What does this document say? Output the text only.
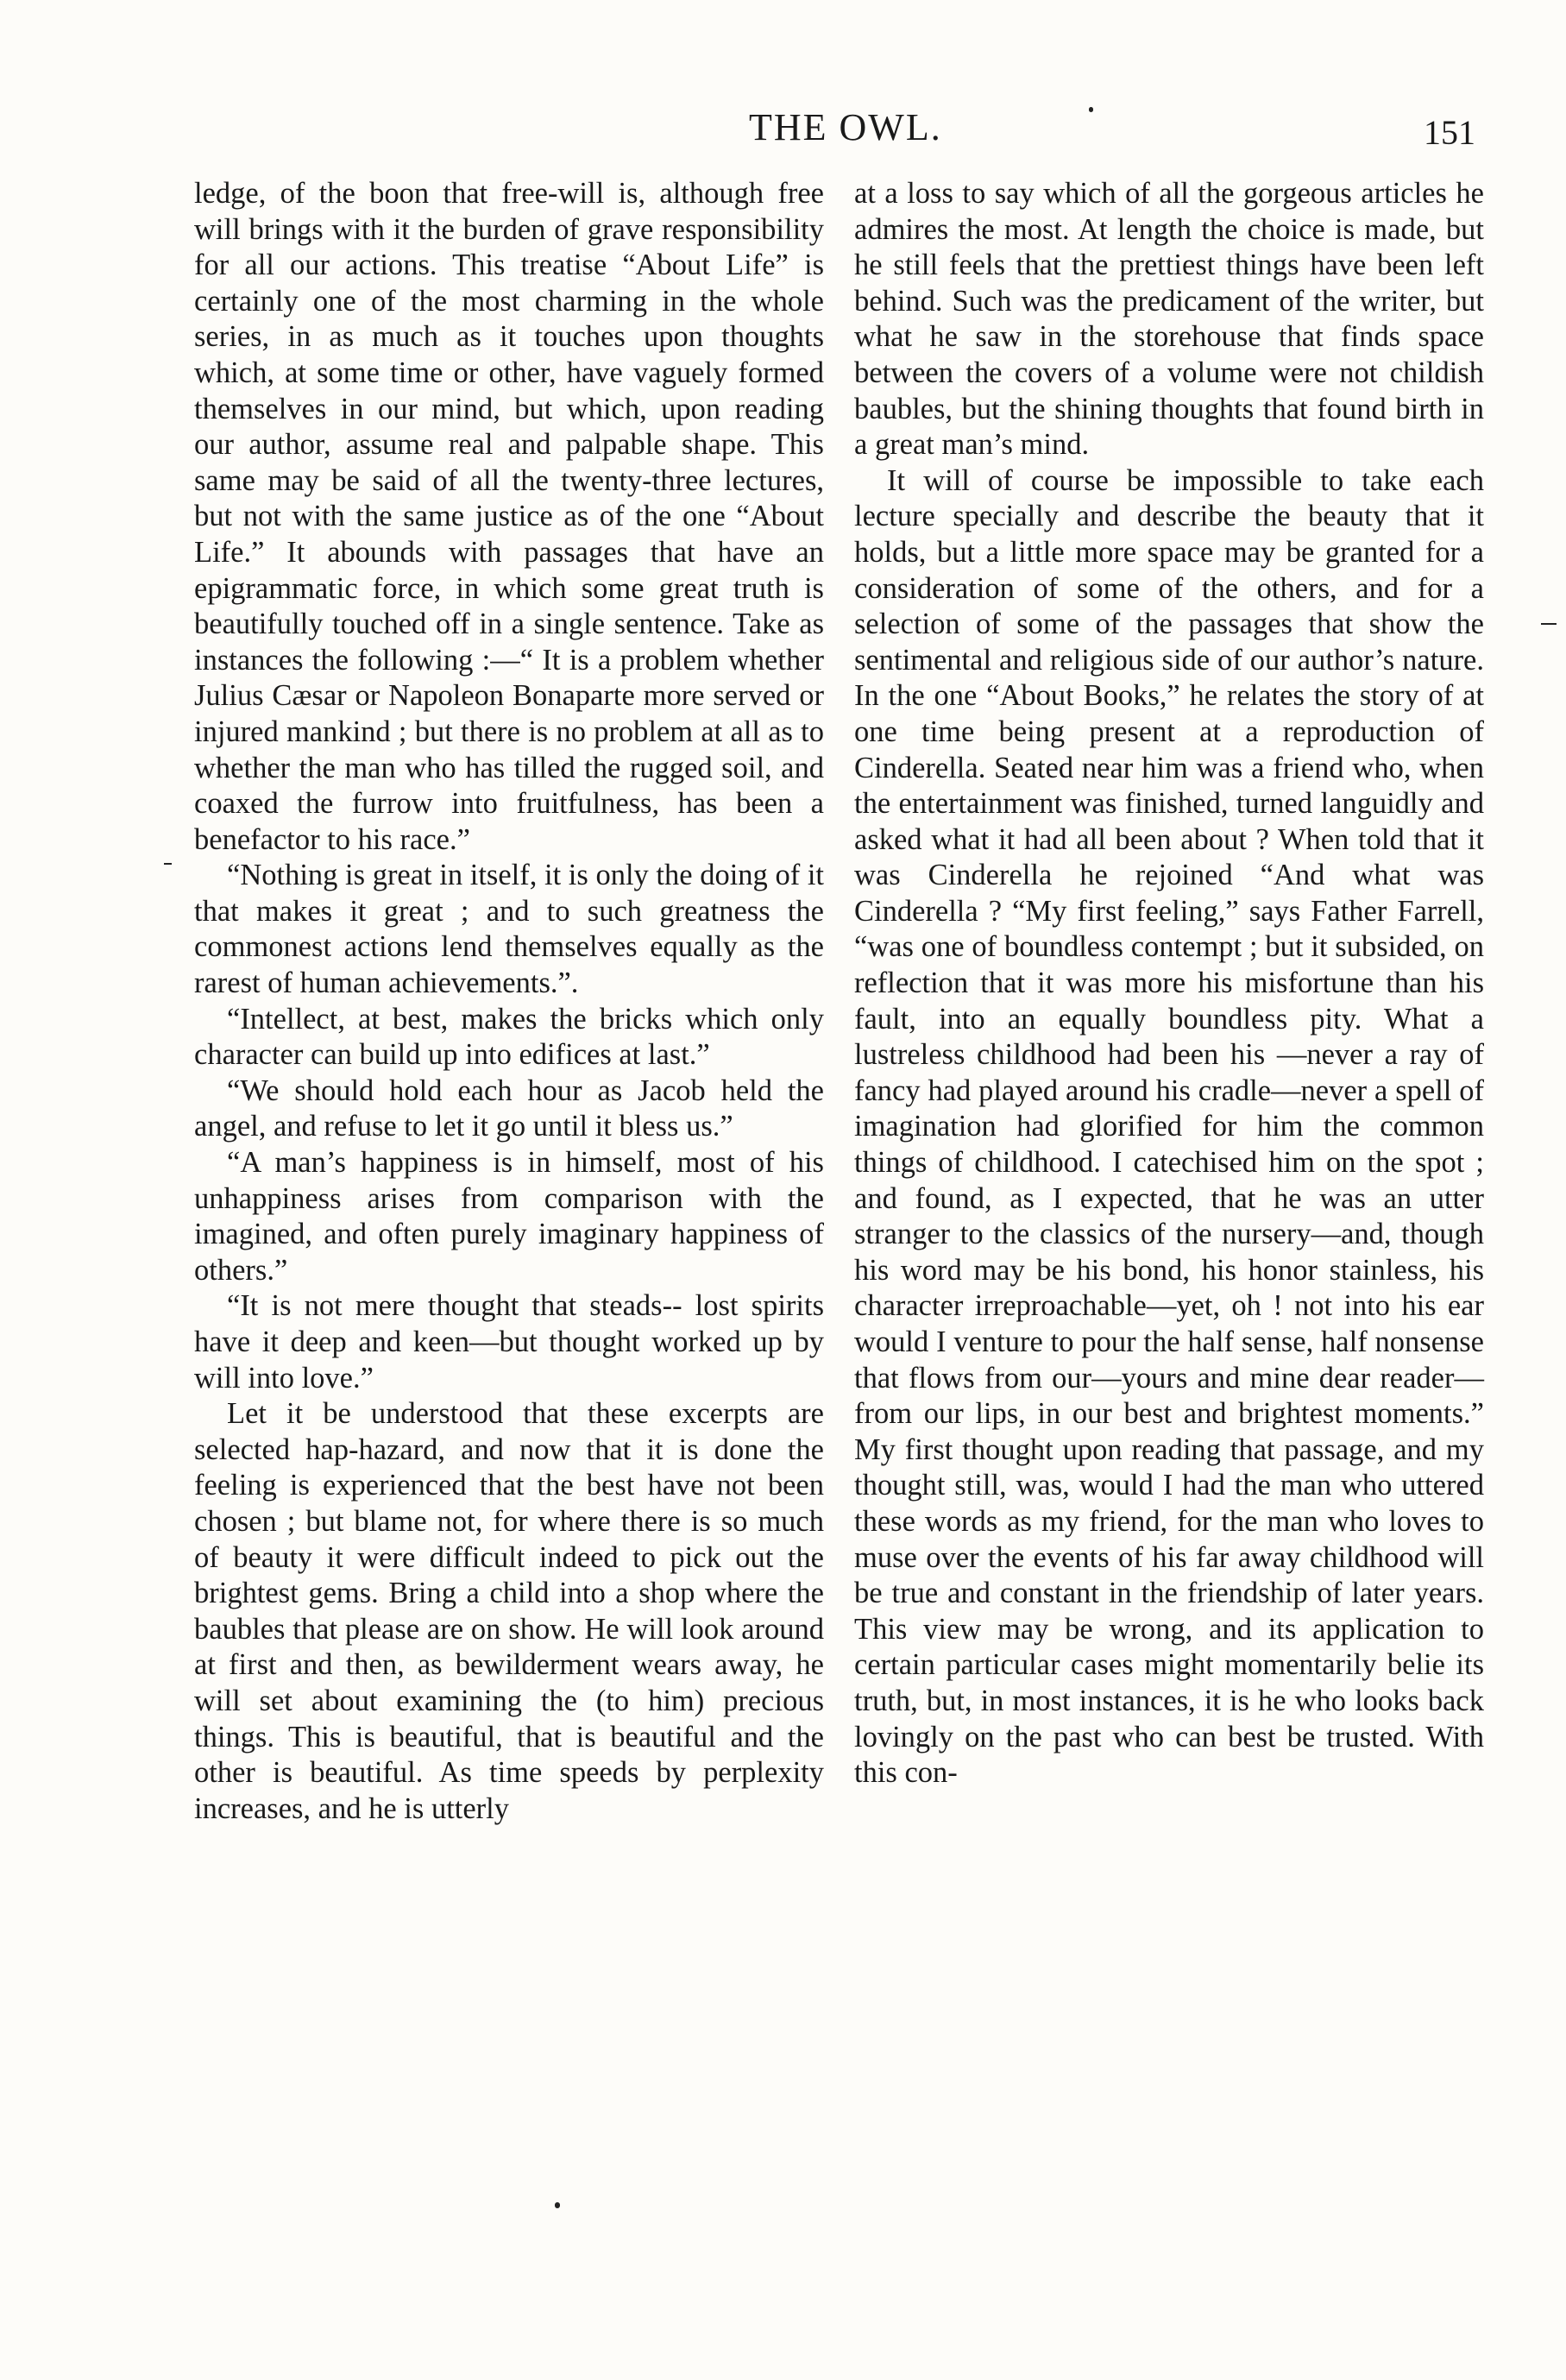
THE OWL.	151

ledge, of the boon that free-will is, although free will brings with it the burden of grave responsibility for all our actions. This treatise “About Life” is certainly one of the most charming in the whole series, in as much as it touches upon thoughts which, at some time or other, have vaguely formed themselves in our mind, but which, upon reading our author, assume real and palpable shape. This same may be said of all the twenty-three lectures, but not with the same justice as of the one “About Life.” It abounds with passages that have an epigrammatic force, in which some great truth is beautifully touched off in a single sentence. Take as instances the following :—“ It is a problem whether Julius Cæsar or Napoleon Bonaparte more served or injured mankind ; but there is no problem at all as to whether the man who has tilled the rugged soil, and coaxed the furrow into fruitfulness, has been a benefactor to his race.”

“Nothing is great in itself, it is only the doing of it that makes it great ; and to such greatness the commonest actions lend themselves equally as the rarest of human achievements.”.

“Intellect, at best, makes the bricks which only character can build up into edifices at last.”

“We should hold each hour as Jacob held the angel, and refuse to let it go until it bless us.”

“A man’s happiness is in himself, most of his unhappiness arises from comparison with the imagined, and often purely imaginary happiness of others.”

“It is not mere thought that steads-- lost spirits have it deep and keen—but thought worked up by will into love.”

Let it be understood that these excerpts are selected hap-hazard, and now that it is done the feeling is experienced that the best have not been chosen ; but blame not, for where there is so much of beauty it were difficult indeed to pick out the brightest gems. Bring a child into a shop where the baubles that please are on show. He will look around at first and then, as bewilderment wears away, he will set about examining the (to him) precious things. This is beautiful, that is beautiful and the other is beautiful. As time speeds by perplexity increases, and he is utterly

at a loss to say which of all the gorgeous articles he admires the most. At length the choice is made, but he still feels that the prettiest things have been left behind. Such was the predicament of the writer, but what he saw in the storehouse that finds space between the covers of a volume were not childish baubles, but the shining thoughts that found birth in a great man’s mind.

It will of course be impossible to take each lecture specially and describe the beauty that it holds, but a little more space may be granted for a consideration of some of the others, and for a selection of some of the passages that show the sentimental and religious side of our author’s nature. In the one “About Books,” he relates the story of at one time being present at a reproduction of Cinderella. Seated near him was a friend who, when the entertainment was finished, turned languidly and asked what it had all been about ? When told that it was Cinderella he rejoined “And what was Cinderella ? “My first feeling,” says Father Farrell, “was one of boundless contempt ; but it subsided, on reflection that it was more his misfortune than his fault, into an equally boundless pity. What a lustreless childhood had been his —never a ray of fancy had played around his cradle—never a spell of imagination had glorified for him the common things of childhood. I catechised him on the spot ; and found, as I expected, that he was an utter stranger to the classics of the nursery—and, though his word may be his bond, his honor stainless, his character irreproachable—yet, oh ! not into his ear would I venture to pour the half sense, half nonsense that flows from our—yours and mine dear reader—from our lips, in our best and brightest moments.” My first thought upon reading that passage, and my thought still, was, would I had the man who uttered these words as my friend, for the man who loves to muse over the events of his far away childhood will be true and constant in the friendship of later years. This view may be wrong, and its application to certain particular cases might momentarily belie its truth, but, in most instances, it is he who looks back lovingly on the past who can best be trusted. With this con-
